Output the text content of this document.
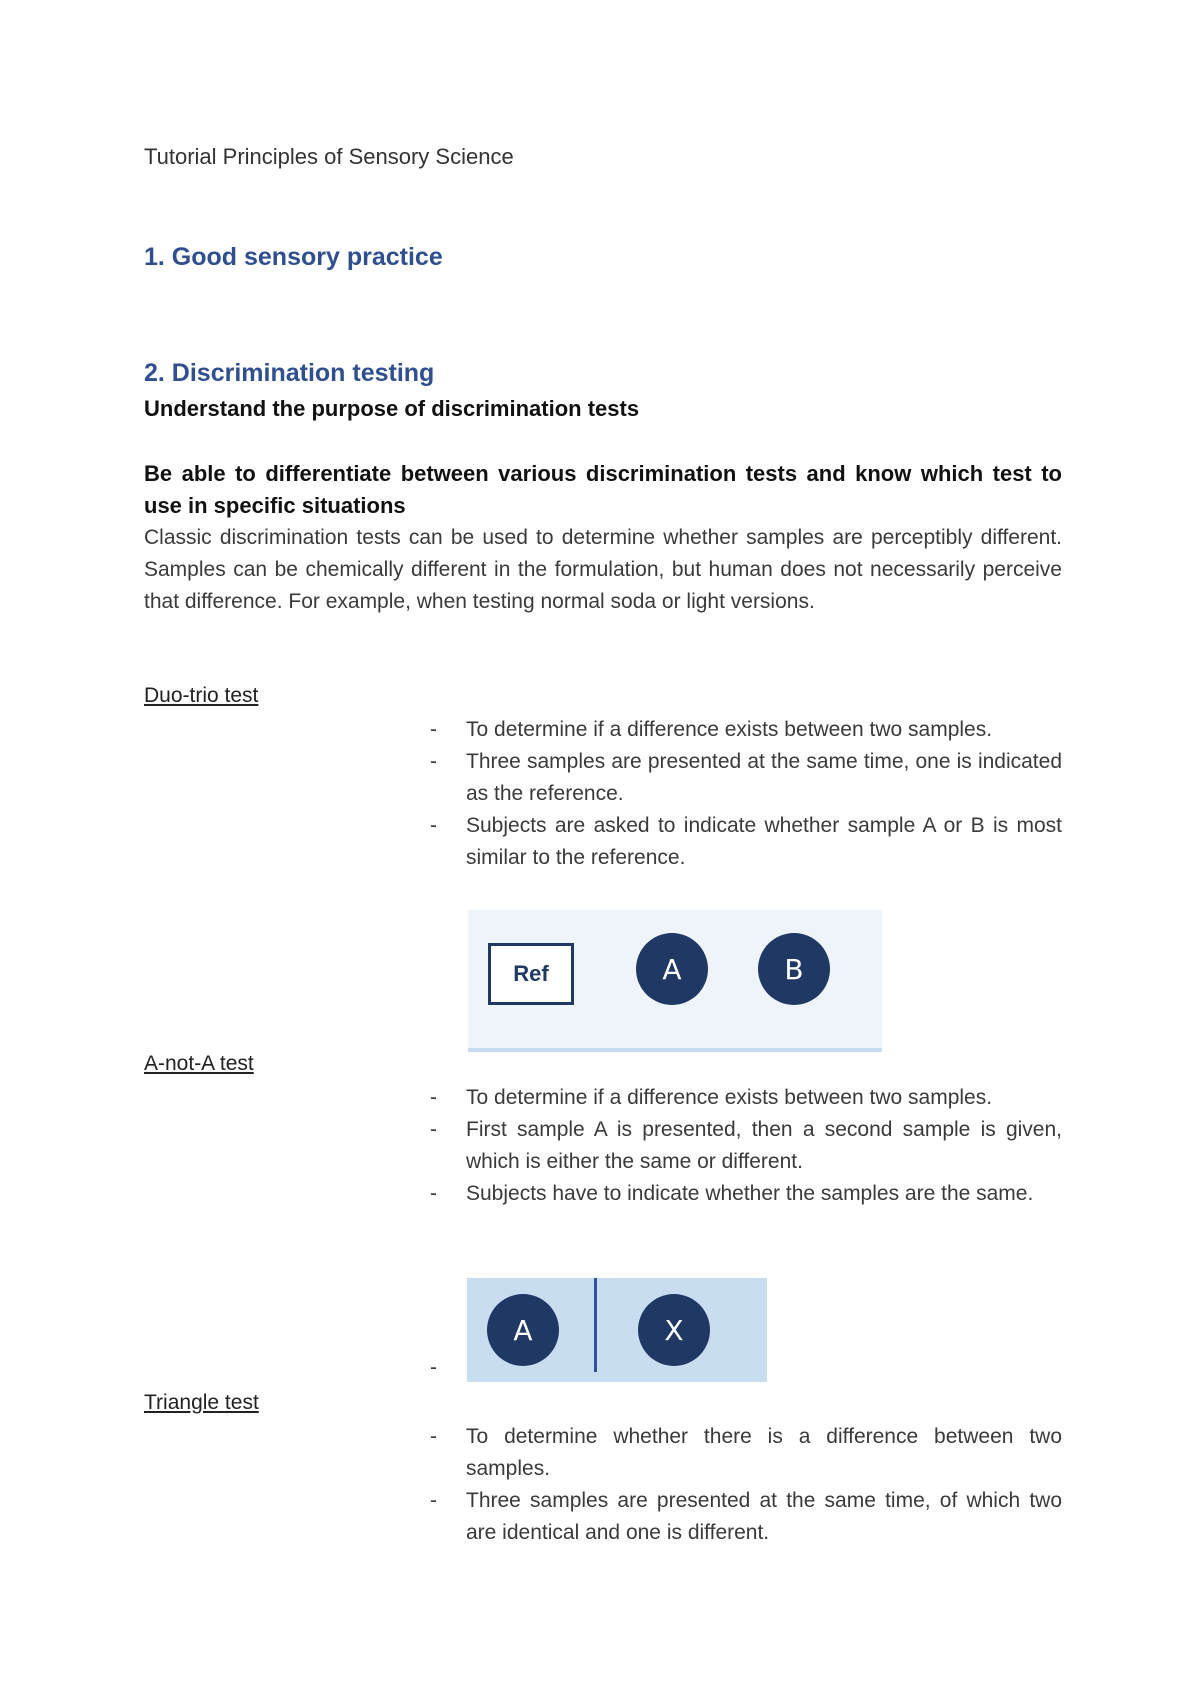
Tutorial Principles of Sensory Science
1. Good sensory practice
2. Discrimination testing
Understand the purpose of discrimination tests
Be able to differentiate between various discrimination tests and know which test to use in specific situations
Classic discrimination tests can be used to determine whether samples are perceptibly different. Samples can be chemically different in the formulation, but human does not necessarily perceive that difference. For example, when testing normal soda or light versions.
Duo-trio test
- To determine if a difference exists between two samples.
- Three samples are presented at the same time, one is indicated as the reference.
- Subjects are asked to indicate whether sample A or B is most similar to the reference.
Ref	A	B
A-not-A test
- To determine if a difference exists between two samples.
- First sample A is presented, then a second sample is given, which is either the same or different.
- Subjects have to indicate whether the samples are the same.
-
A	X
Triangle test
- To determine whether there is a difference between two samples.
- Three samples are presented at the same time, of which two are identical and one is different.
